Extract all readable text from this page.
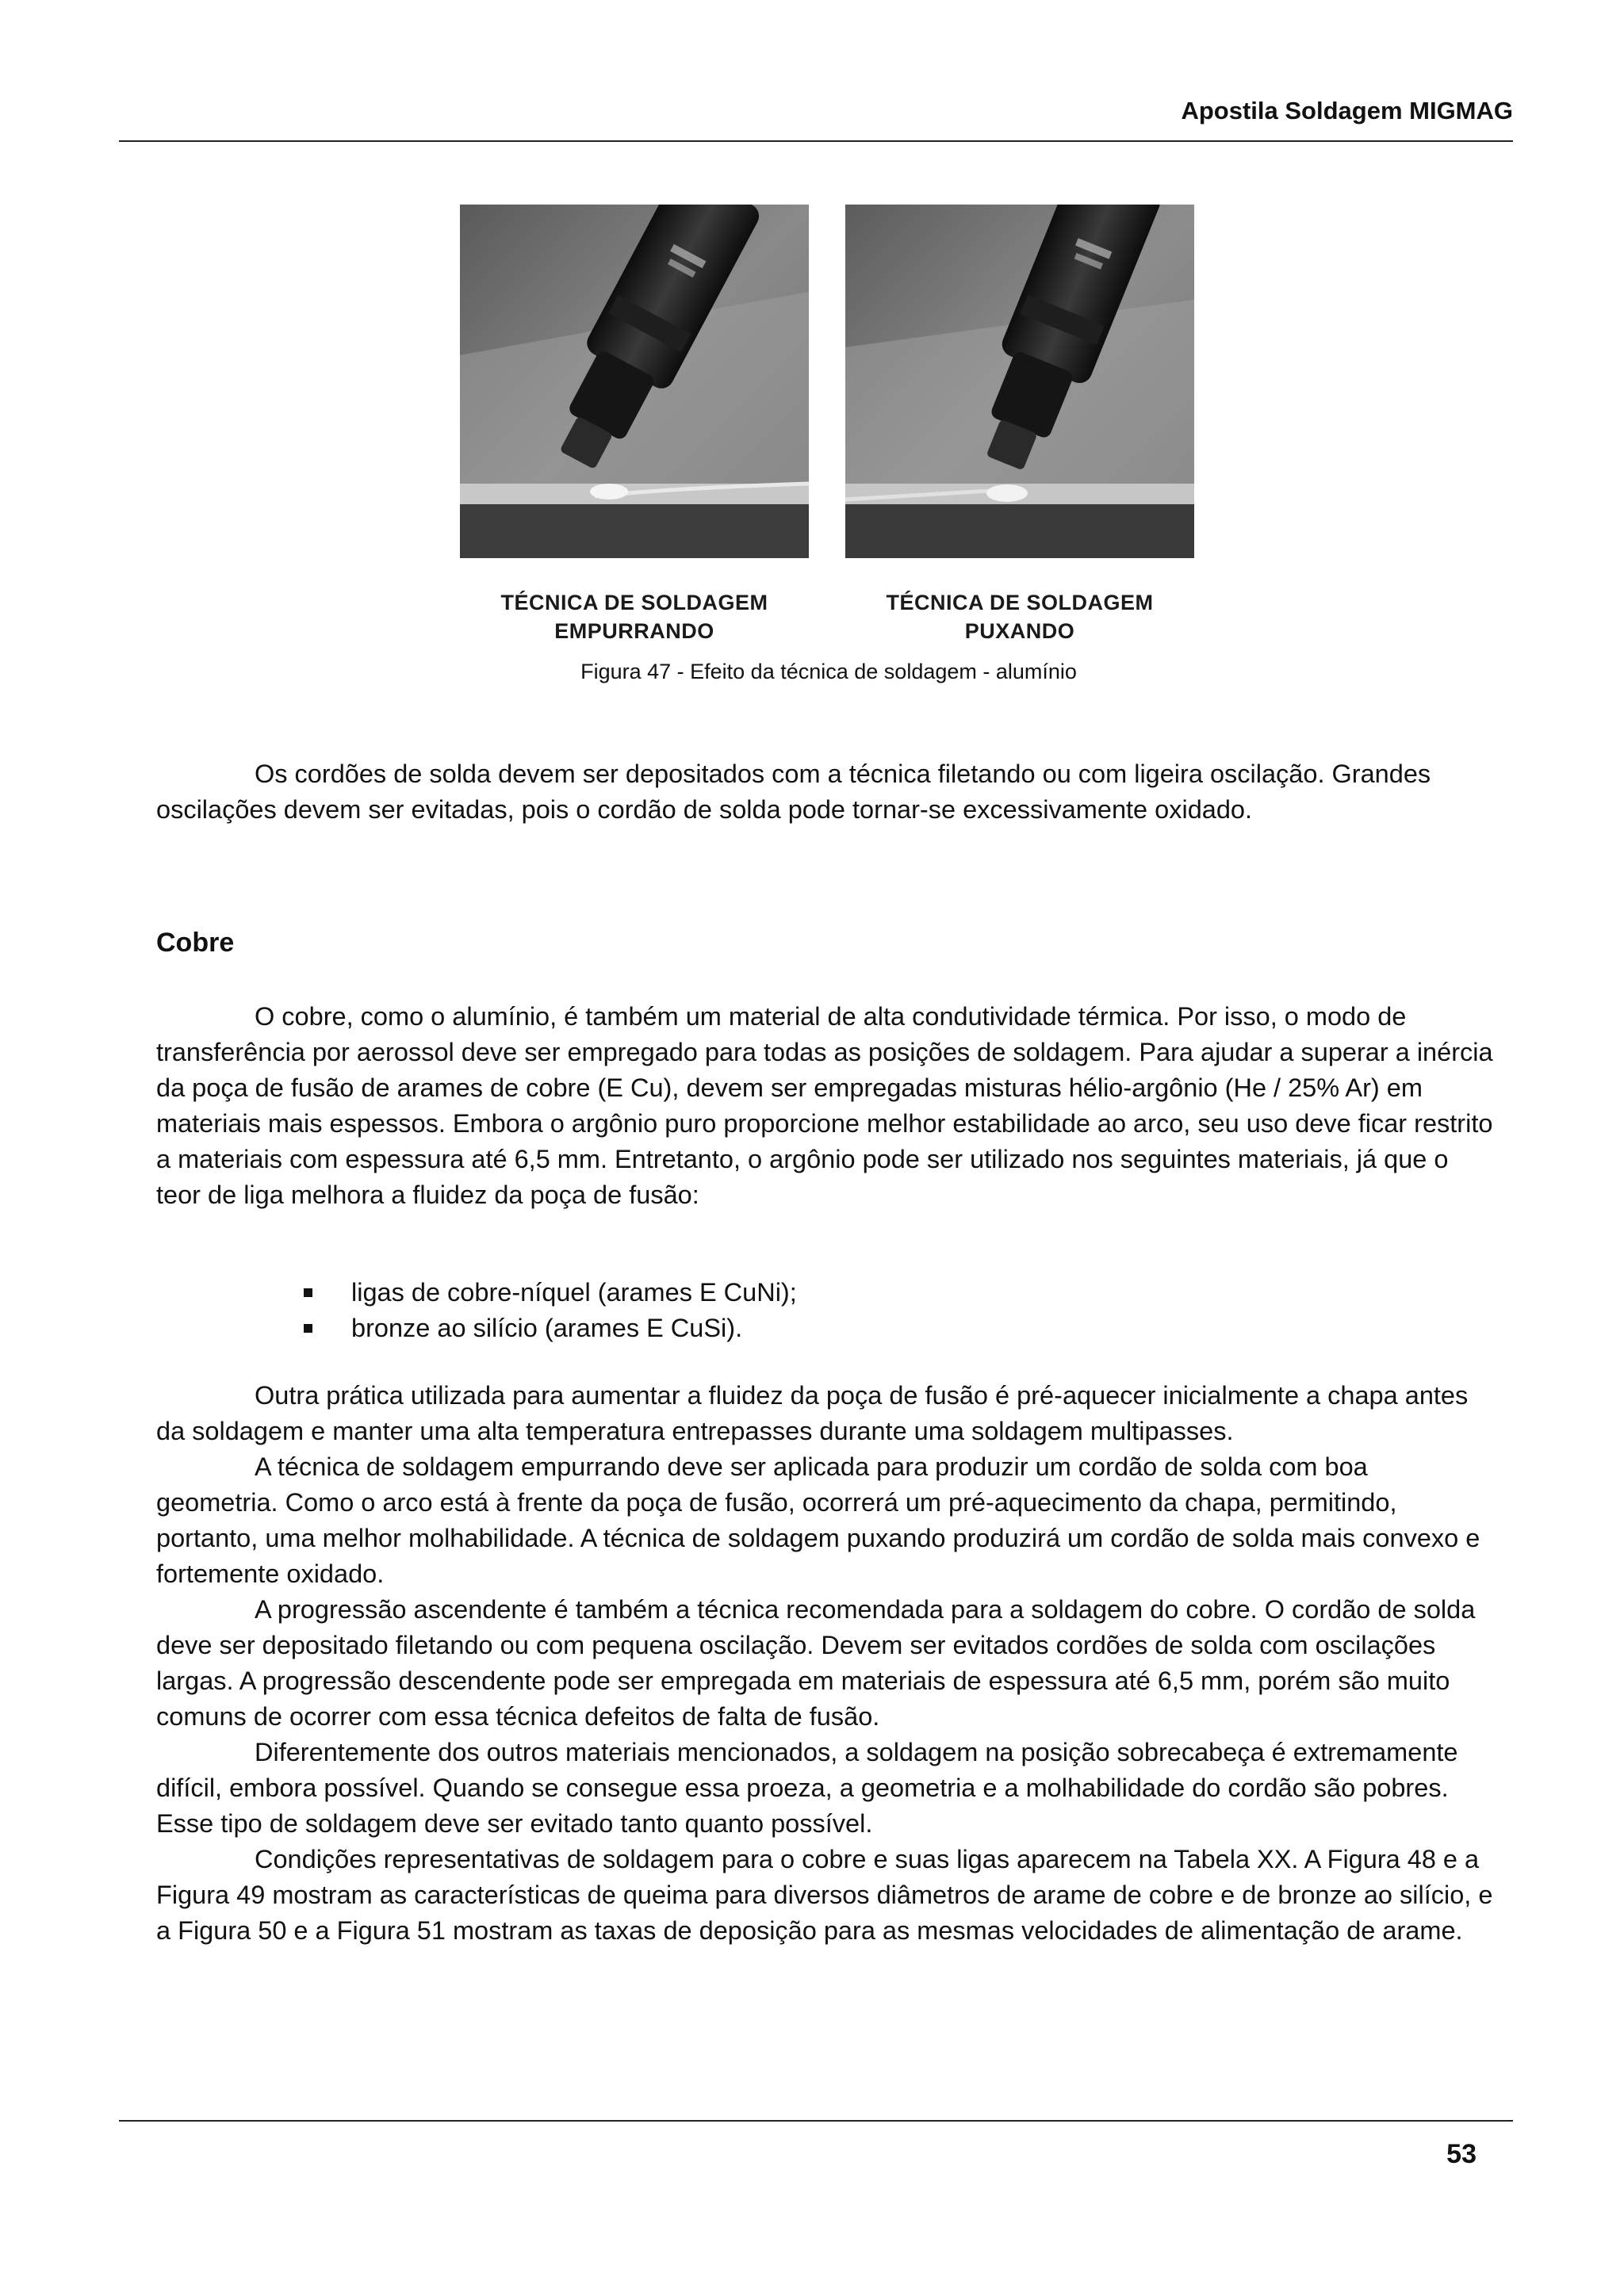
Apostila Soldagem MIGMAG
TÉCNICA DE SOLDAGEM
EMPURRANDO
TÉCNICA DE SOLDAGEM
PUXANDO
Figura 47 - Efeito da técnica de soldagem - alumínio

Os cordões de solda devem ser depositados com a técnica filetando ou com ligeira oscilação. Grandes oscilações devem ser evitadas, pois o cordão de solda pode tornar-se excessivamente oxidado.

Cobre

O cobre, como o alumínio, é também um material de alta condutividade térmica. Por isso, o modo de transferência por aerossol deve ser empregado para todas as posições de soldagem. Para ajudar a superar a inércia da poça de fusão de arames de cobre (E Cu), devem ser empregadas misturas hélio-argônio (He / 25% Ar) em materiais mais espessos. Embora o argônio puro proporcione melhor estabilidade ao arco, seu uso deve ficar restrito a materiais com espessura até 6,5 mm. Entretanto, o argônio pode ser utilizado nos seguintes materiais, já que o teor de liga melhora a fluidez da poça de fusão:

ligas de cobre-níquel (arames E CuNi);
bronze ao silício (arames E CuSi).

Outra prática utilizada para aumentar a fluidez da poça de fusão é pré-aquecer inicialmente a chapa antes da soldagem e manter uma alta temperatura entrepasses durante uma soldagem multipasses.

A técnica de soldagem empurrando deve ser aplicada para produzir um cordão de solda com boa geometria. Como o arco está à frente da poça de fusão, ocorrerá um pré-aquecimento da chapa, permitindo, portanto, uma melhor molhabilidade. A técnica de soldagem puxando produzirá um cordão de solda mais convexo e fortemente oxidado.

A progressão ascendente é também a técnica recomendada para a soldagem do cobre. O cordão de solda deve ser depositado filetando ou com pequena oscilação. Devem ser evitados cordões de solda com oscilações largas. A progressão descendente pode ser empregada em materiais de espessura até 6,5 mm, porém são muito comuns de ocorrer com essa técnica defeitos de falta de fusão.

Diferentemente dos outros materiais mencionados, a soldagem na posição sobrecabeça é extremamente difícil, embora possível. Quando se consegue essa proeza, a geometria e a molhabilidade do cordão são pobres. Esse tipo de soldagem deve ser evitado tanto quanto possível.

Condições representativas de soldagem para o cobre e suas ligas aparecem na Tabela XX. A Figura 48 e a Figura 49 mostram as características de queima para diversos diâmetros de arame de cobre e de bronze ao silício, e a Figura 50 e a Figura 51 mostram as taxas de deposição para as mesmas velocidades de alimentação de arame.

53
